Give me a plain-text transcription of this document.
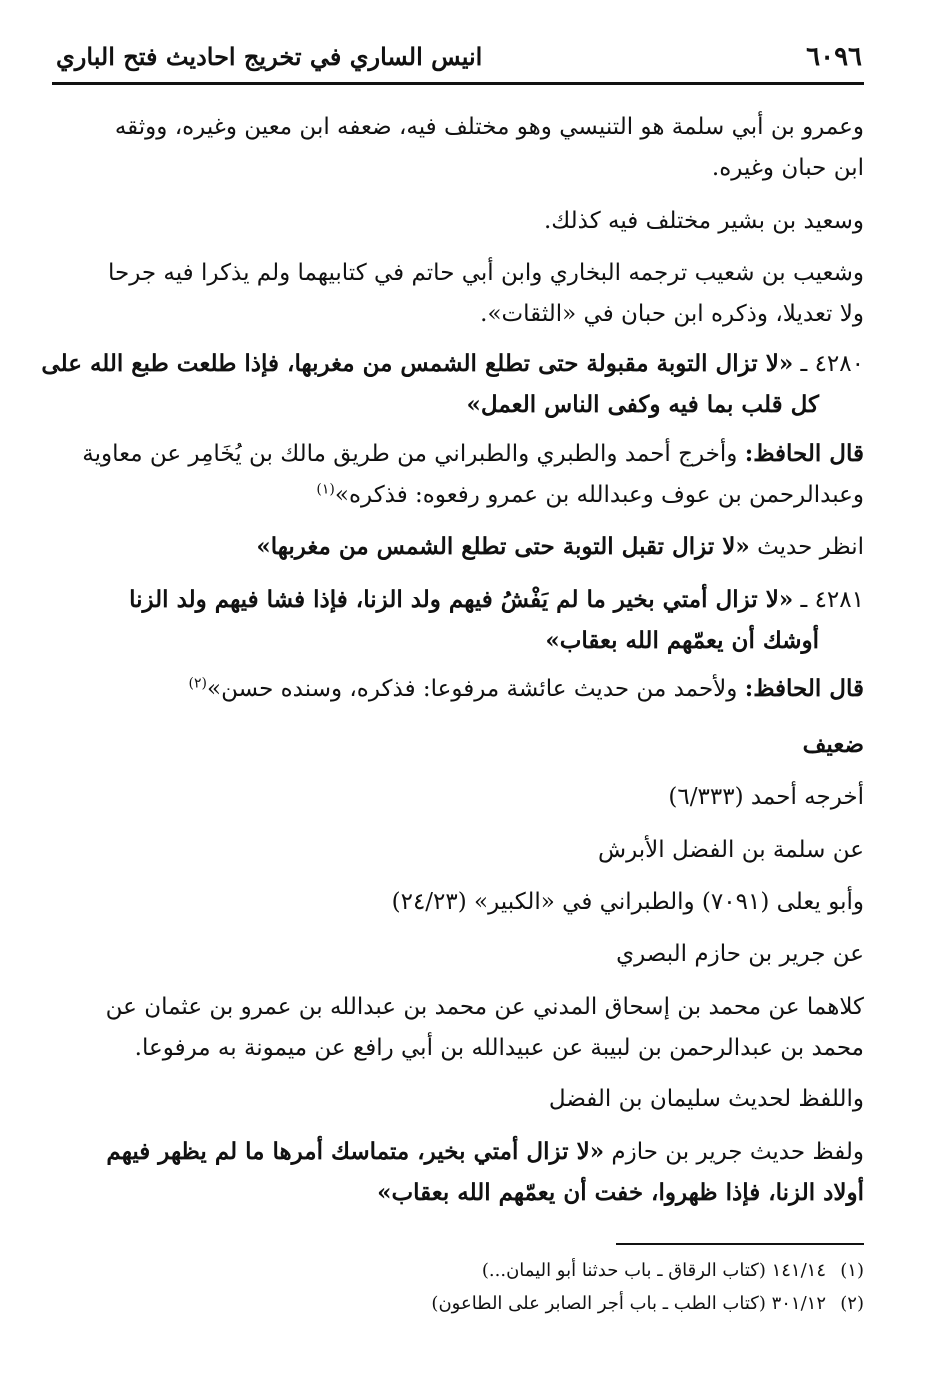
٦٠٩٦
انيس الساري في تخريج احاديث فتح الباري
وعمرو بن أبي سلمة هو التنيسي وهو مختلف فيه، ضعفه ابن معين وغيره، ووثقه
ابن حبان وغيره.
وسعيد بن بشير مختلف فيه كذلك.
وشعيب بن شعيب ترجمه البخاري وابن أبي حاتم في كتابيهما ولم يذكرا فيه جرحا
ولا تعديلا، وذكره ابن حبان في «الثقات».
٤٢٨٠ ـ «لا تزال التوبة مقبولة حتى تطلع الشمس من مغربها، فإذا طلعت طبع الله على
كل قلب بما فيه وكفى الناس العمل»
قال الحافظ: وأخرج أحمد والطبري والطبراني من طريق مالك بن يُخَامِر عن معاوية
وعبدالرحمن بن عوف وعبدالله بن عمرو رفعوه: فذكره»$^{(١)}$
انظر حديث «لا تزال تقبل التوبة حتى تطلع الشمس من مغربها»
٤٢٨١ ـ «لا تزال أمتي بخير ما لم يَفْشُ فيهم ولد الزنا، فإذا فشا فيهم ولد الزنا
أوشك أن يعمّهم الله بعقاب»
قال الحافظ: ولأحمد من حديث عائشة مرفوعا: فذكره، وسنده حسن»$^{(٢)}$
ضعيف
أخرجه أحمد (٦/٣٣٣)
عن سلمة بن الفضل الأبرش
وأبو يعلى (٧٠٩١) والطبراني في «الكبير» (٢٤/٢٣)
عن جرير بن حازم البصري
كلاهما عن محمد بن إسحاق المدني عن محمد بن عبدالله بن عمرو بن عثمان عن
محمد بن عبدالرحمن بن لبيبة عن عبيدالله بن أبي رافع عن ميمونة به مرفوعا.
واللفظ لحديث سليمان بن الفضل
ولفظ حديث جرير بن حازم «لا تزال أمتي بخير، متماسك أمرها ما لم يظهر فيهم
أولاد الزنا، فإذا ظهروا، خفت أن يعمّهم الله بعقاب»
(١)١٤١/١٤ (كتاب الرقاق ـ باب حدثنا أبو اليمان...)
(٢)٣٠١/١٢ (كتاب الطب ـ باب أجر الصابر على الطاعون)
